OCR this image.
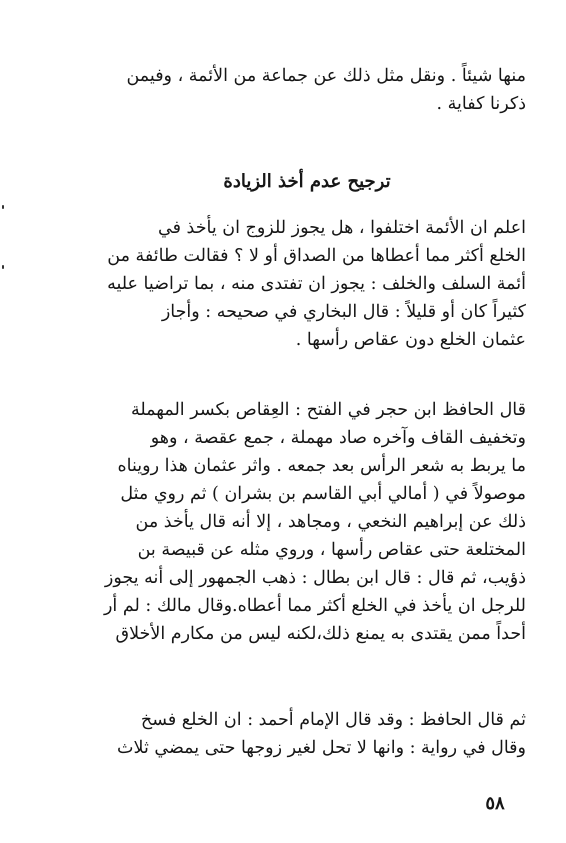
منها شيئاً . ونقل مثل ذلك عن جماعة من الأئمة ، وفيمن
ذكرنا كفاية .
ترجيح عدم أخذ الزيادة
اعلم ان الأئمة اختلفوا ، هل يجوز للزوج ان يأخذ في
الخلع أكثر مما أعطاها من الصداق أو لا ؟ فقالت طائفة من
أئمة السلف والخلف : يجوز ان تفتدى منه ، بما تراضيا عليه
كثيراً كان أو قليلاً : قال البخاري في صحيحه : وأجاز
عثمان الخلع دون عقاص رأسها .
قال الحافظ ابن حجر في الفتح : العِقاص بكسر المهملة
وتخفيف القاف وآخره صاد مهملة ، جمع عقصة ، وهو
ما يربط به شعر الرأس بعد جمعه . واثر عثمان هذا رويناه
موصولاً في ( أمالي أبي القاسم بن بشران ) ثم روي مثل
ذلك عن إبراهيم النخعي ، ومجاهد ، إلا أنه قال يأخذ من
المختلعة حتى عقاص رأسها ، وروي مثله عن قبيصة بن
ذؤيب، ثم قال : قال ابن بطال : ذهب الجمهور إلى أنه يجوز
للرجل ان يأخذ في الخلع أكثر مما أعطاه.وقال مالك : لم أر
أحداً ممن يقتدى به يمنع ذلك،لكنه ليس من مكارم الأخلاق
ثم قال الحافظ : وقد قال الإمام أحمد : ان الخلع فسخ
وقال في رواية : وانها لا تحل لغير زوجها حتى يمضي ثلاث
٥٨
